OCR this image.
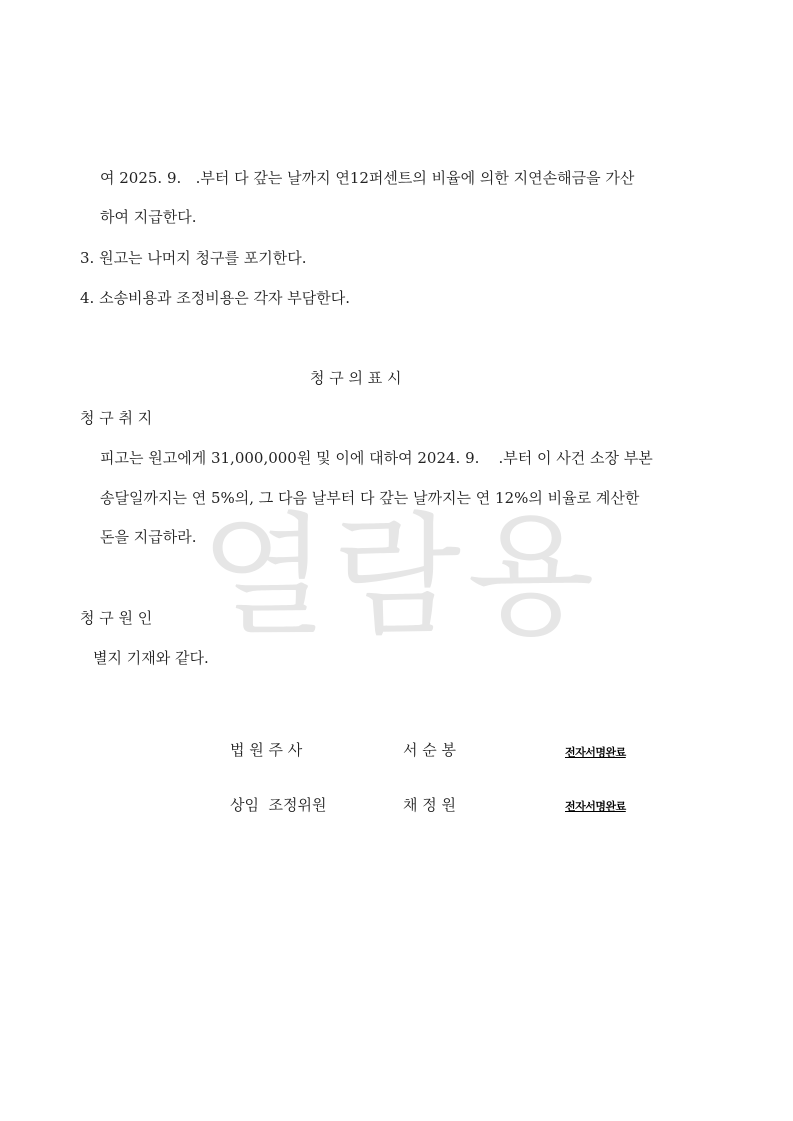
열람용
여 2025. 9.   .부터 다 갚는 날까지 연12퍼센트의 비율에 의한 지연손해금을 가산
하여 지급한다.
3. 원고는 나머지 청구를 포기한다.
4. 소송비용과 조정비용은 각자 부담한다.
청 구 의 표 시
청 구 취 지
피고는 원고에게 31,000,000원 및 이에 대하여 2024. 9.    .부터 이 사건 소장 부본
송달일까지는 연 5%의, 그 다음 날부터 다 갚는 날까지는 연 12%의 비율로 계산한
돈을 지급하라.
청 구 원 인
별지 기재와 같다.
법 원 주 사	서 순 봉	전자서명완료
상임  조정위원	채 정 원	전자서명완료
